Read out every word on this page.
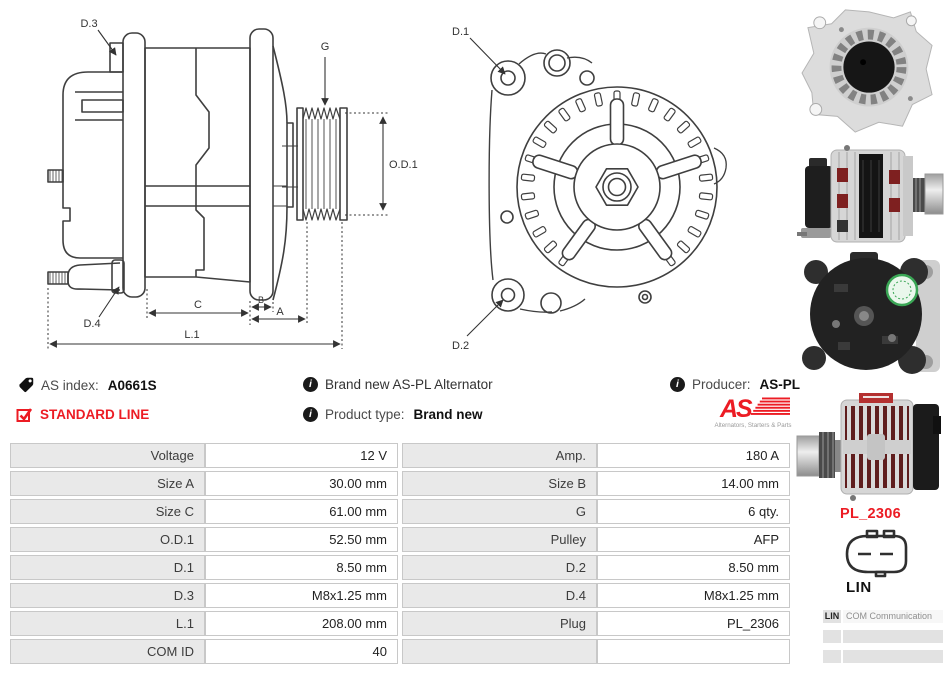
D.3
G
O.D.1
C	B
A
L.1
D.4
D.1
D.2
AS index: A0661S	i Brand new AS-PL Alternator	i Producer: AS-PL
STANDARD LINE	i Product type: Brand new	AS
Alternators, Starters & Parts
Voltage	12 V	Amp.	180 A
Size A	30.00 mm	Size B	14.00 mm
Size C	61.00 mm	G	6 qty.
O.D.1	52.50 mm	Pulley	AFP
D.1	8.50 mm	D.2	8.50 mm
D.3	M8x1.25 mm	D.4	M8x1.25 mm
L.1	208.00 mm	Plug	PL_2306
COM ID	40
PL_2306
LIN
LIN COM Communication
